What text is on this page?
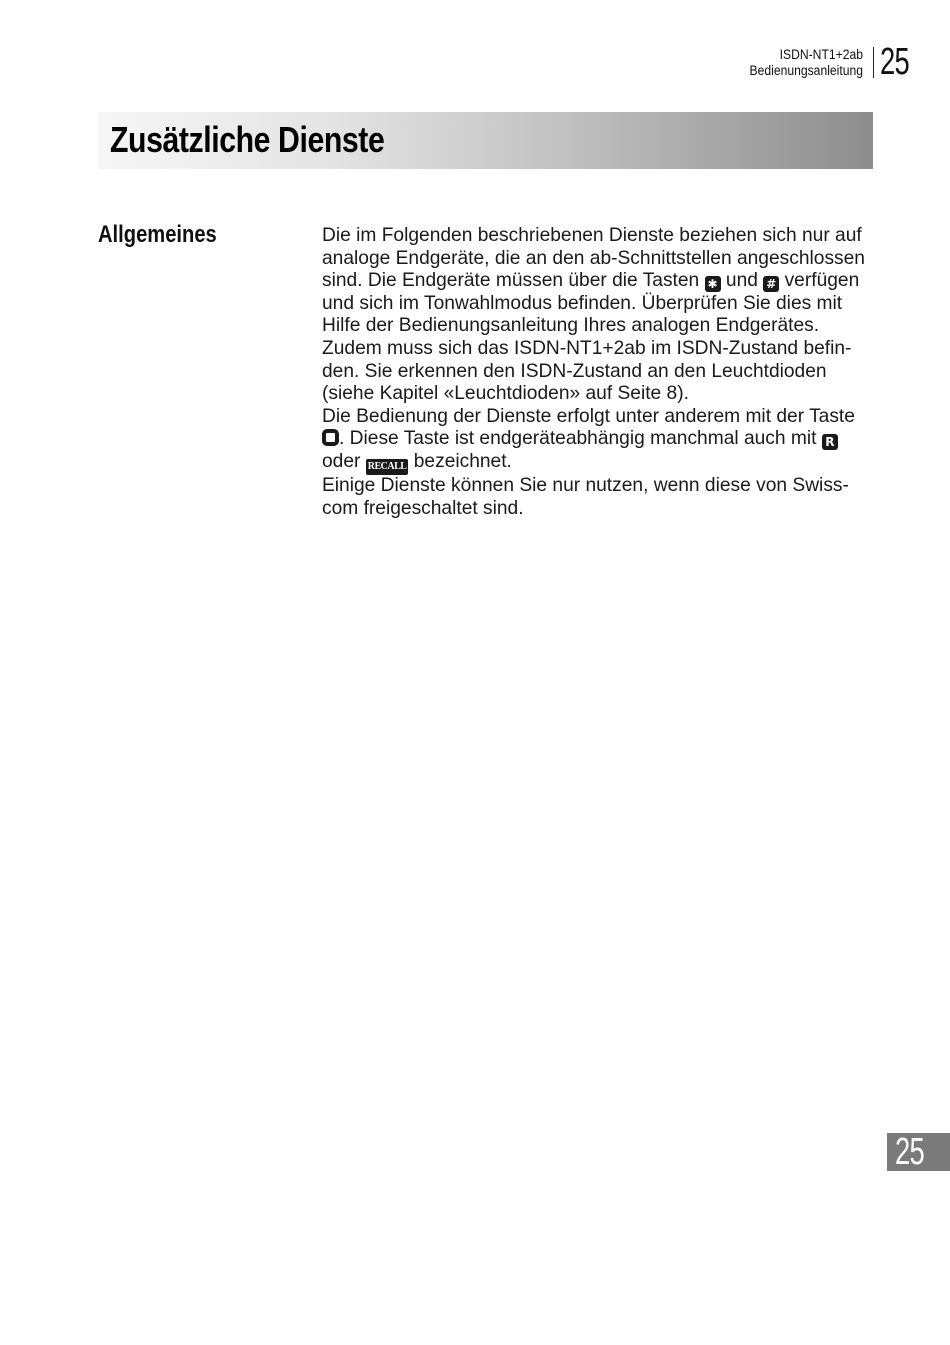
ISDN-NT1+2ab
Bedienungsanleitung 25
Zusätzliche Dienste
Allgemeines	Die im Folgenden beschriebenen Dienste beziehen sich nur auf analoge Endgeräte, die an den ab-Schnittstellen angeschlossen sind. Die Endgeräte müssen über die Tasten ✱ und # verfügen und sich im Tonwahlmodus befinden. Überprüfen Sie dies mit Hilfe der Bedienungsanleitung Ihres analogen Endgerätes.

Zudem muss sich das ISDN-NT1+2ab im ISDN-Zustand befinden. Sie erkennen den ISDN-Zustand an den Leuchtdioden (siehe Kapitel «Leuchtdioden» auf Seite 8).

Die Bedienung der Dienste erfolgt unter anderem mit der Taste . Diese Taste ist endgeräteabhängig manchmal auch mit R oder RECALL bezeichnet.

Einige Dienste können Sie nur nutzen, wenn diese von Swisscom freigeschaltet sind.

25
